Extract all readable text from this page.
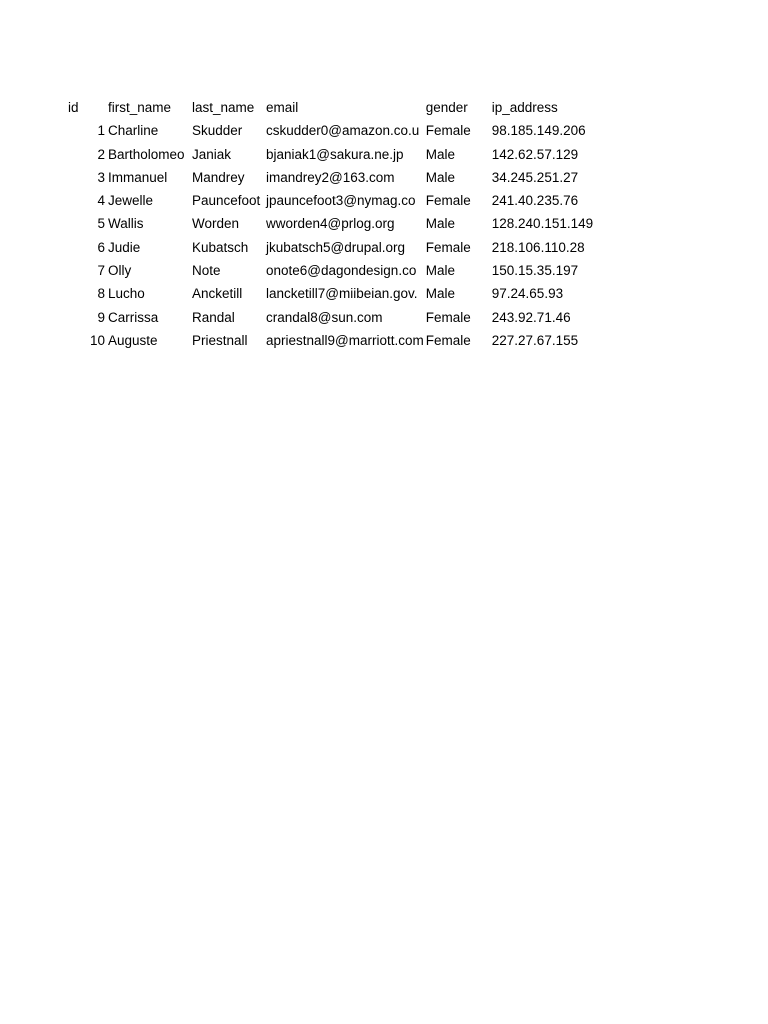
id	first_name	last_name	email	gender	ip_address
1	Charline	Skudder	cskudder0@amazon.co.u	Female	98.185.149.206
2	Bartholomeo	Janiak	bjaniak1@sakura.ne.jp	Male	142.62.57.129
3	Immanuel	Mandrey	imandrey2@163.com	Male	34.245.251.27
4	Jewelle	Pauncefoot	jpauncefoot3@nymag.co	Female	241.40.235.76
5	Wallis	Worden	wworden4@prlog.org	Male	128.240.151.149
6	Judie	Kubatsch	jkubatsch5@drupal.org	Female	218.106.110.28
7	Olly	Note	onote6@dagondesign.co	Male	150.15.35.197
8	Lucho	Ancketill	lancketill7@miibeian.gov.	Male	97.24.65.93
9	Carrissa	Randal	crandal8@sun.com	Female	243.92.71.46
10	Auguste	Priestnall	apriestnall9@marriott.com	Female	227.27.67.155
